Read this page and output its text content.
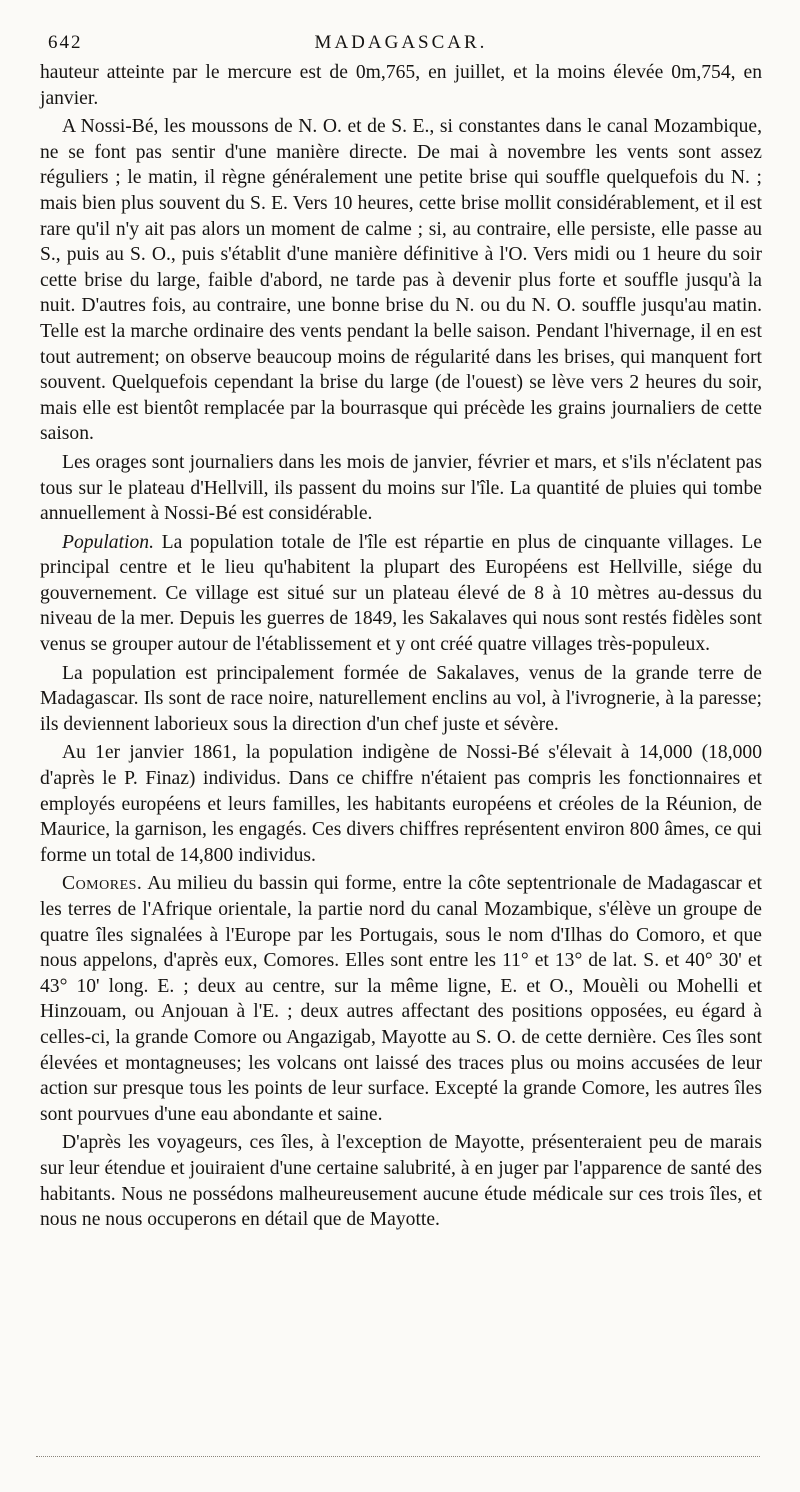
642	MADAGASCAR.

hauteur atteinte par le mercure est de 0m,765, en juillet, et la moins élevée 0m,754, en janvier.

A Nossi-Bé, les moussons de N. O. et de S. E., si constantes dans le canal Mozambique, ne se font pas sentir d'une manière directe. De mai à novembre les vents sont assez réguliers ; le matin, il règne généralement une petite brise qui souffle quelquefois du N. ; mais bien plus souvent du S. E. Vers 10 heures, cette brise mollit considérablement, et il est rare qu'il n'y ait pas alors un moment de calme ; si, au contraire, elle persiste, elle passe au S., puis au S. O., puis s'établit d'une manière définitive à l'O. Vers midi ou 1 heure du soir cette brise du large, faible d'abord, ne tarde pas à devenir plus forte et souffle jusqu'à la nuit. D'autres fois, au contraire, une bonne brise du N. ou du N. O. souffle jusqu'au matin. Telle est la marche ordinaire des vents pendant la belle saison. Pendant l'hivernage, il en est tout autrement; on observe beaucoup moins de régularité dans les brises, qui manquent fort souvent. Quelquefois cependant la brise du large (de l'ouest) se lève vers 2 heures du soir, mais elle est bientôt remplacée par la bourrasque qui précède les grains journaliers de cette saison.

Les orages sont journaliers dans les mois de janvier, février et mars, et s'ils n'éclatent pas tous sur le plateau d'Hellvill, ils passent du moins sur l'île. La quantité de pluies qui tombe annuellement à Nossi-Bé est considérable.

Population. La population totale de l'île est répartie en plus de cinquante villages. Le principal centre et le lieu qu'habitent la plupart des Européens est Hellville, siége du gouvernement. Ce village est situé sur un plateau élevé de 8 à 10 mètres au-dessus du niveau de la mer. Depuis les guerres de 1849, les Sakalaves qui nous sont restés fidèles sont venus se grouper autour de l'établissement et y ont créé quatre villages très-populeux.

La population est principalement formée de Sakalaves, venus de la grande terre de Madagascar. Ils sont de race noire, naturellement enclins au vol, à l'ivrognerie, à la paresse; ils deviennent laborieux sous la direction d'un chef juste et sévère.

Au 1er janvier 1861, la population indigène de Nossi-Bé s'élevait à 14,000 (18,000 d'après le P. Finaz) individus. Dans ce chiffre n'étaient pas compris les fonctionnaires et employés européens et leurs familles, les habitants européens et créoles de la Réunion, de Maurice, la garnison, les engagés. Ces divers chiffres représentent environ 800 âmes, ce qui forme un total de 14,800 individus.

Comores. Au milieu du bassin qui forme, entre la côte septentrionale de Madagascar et les terres de l'Afrique orientale, la partie nord du canal Mozambique, s'élève un groupe de quatre îles signalées à l'Europe par les Portugais, sous le nom d'Ilhas do Comoro, et que nous appelons, d'après eux, Comores. Elles sont entre les 11° et 13° de lat. S. et 40° 30' et 43° 10' long. E. ; deux au centre, sur la même ligne, E. et O., Mouèli ou Mohelli et Hinzouam, ou Anjouan à l'E. ; deux autres affectant des positions opposées, eu égard à celles-ci, la grande Comore ou Angazigab, Mayotte au S. O. de cette dernière. Ces îles sont élevées et montagneuses; les volcans ont laissé des traces plus ou moins accusées de leur action sur presque tous les points de leur surface. Excepté la grande Comore, les autres îles sont pourvues d'une eau abondante et saine.

D'après les voyageurs, ces îles, à l'exception de Mayotte, présenteraient peu de marais sur leur étendue et jouiraient d'une certaine salubrité, à en juger par l'apparence de santé des habitants. Nous ne possédons malheureusement aucune étude médicale sur ces trois îles, et nous ne nous occuperons en détail que de Mayotte.
